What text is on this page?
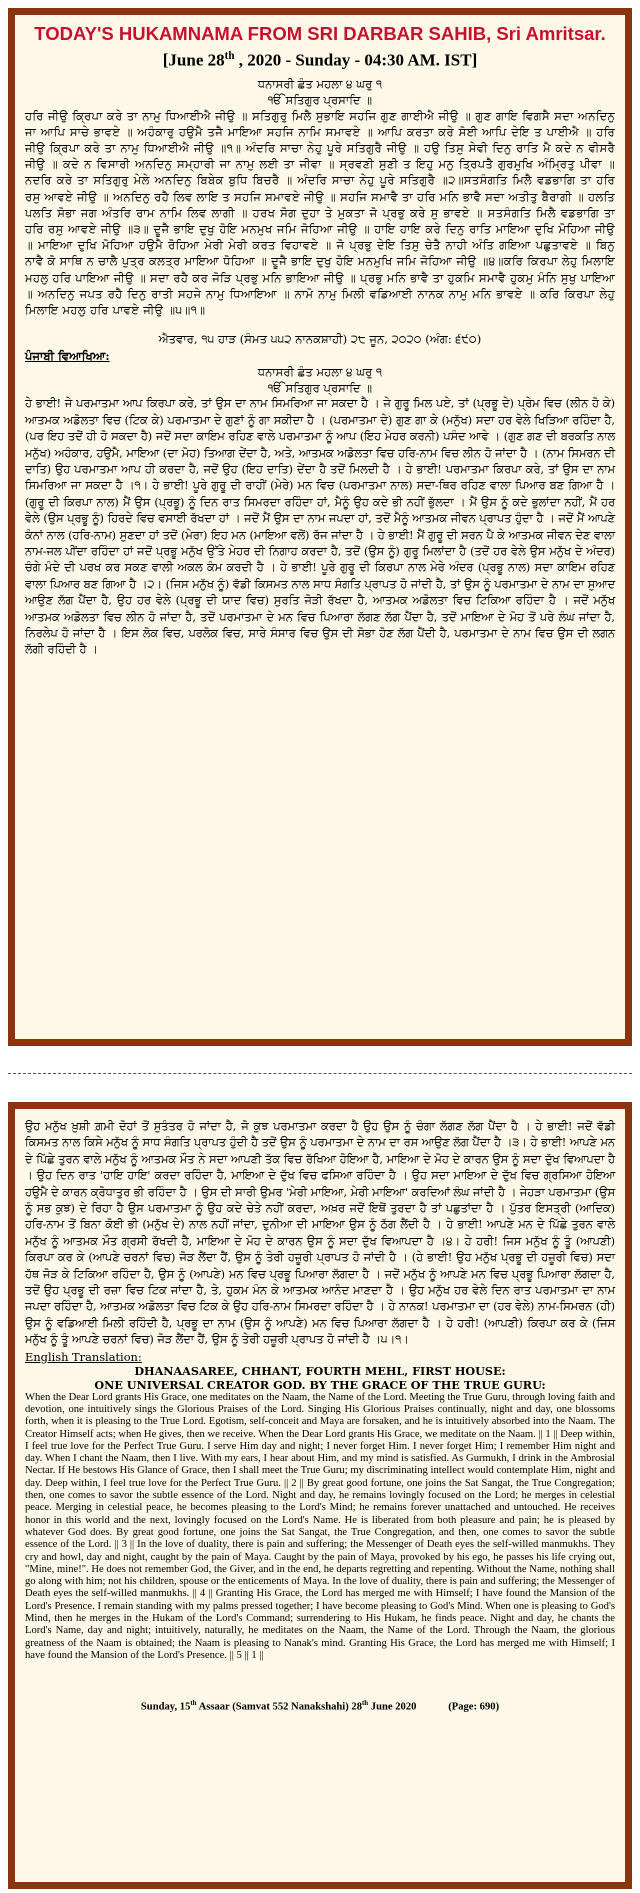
TODAY'S HUKAMNAMA FROM SRI DARBAR SAHIB, Sri Amritsar.

[June 28th , 2020 - Sunday - 04:30 AM. IST]

ਧਨਾਸਰੀ ਛੰਤ ਮਹਲਾ ੪ ਘਰੁ ੧
ੴ ਸਤਿਗੁਰ ਪ੍ਰਸਾਦਿ ॥
ਹਰਿ ਜੀਉ ਕ੍ਰਿਪਾ ਕਰੇ ਤਾ ਨਾਮੁ ਧਿਆਈਐ ਜੀਉ ॥ ਸਤਿਗੁਰੁ ਮਿਲੈ ਸੁਭਾਇ ਸਹਜਿ ਗੁਣ ਗਾਈਐ ਜੀਉ ॥ ਗੁਣ ਗਾਇ ਵਿਗਸੈ ਸਦਾ ਅਨਦਿਨੁ ਜਾ ਆਪਿ ਸਾਚੇ ਭਾਵਏ ॥ ਅਹੰਕਾਰੁ ਹਉਮੈ ਤਜੈ ਮਾਇਆ ਸਹਜਿ ਨਾਮਿ ਸਮਾਵਏ ॥ ਆਪਿ ਕਰਤਾ ਕਰੇ ਸੋਈ ਆਪਿ ਦੇਇ ਤ ਪਾਈਐ ॥ ਹਰਿ ਜੀਉ ਕ੍ਰਿਪਾ ਕਰੇ ਤਾ ਨਾਮੁ ਧਿਆਈਐ ਜੀਉ ॥੧॥ ਅੰਦਰਿ ਸਾਚਾ ਨੇਹੁ ਪੂਰੇ ਸਤਿਗੁਰੈ ਜੀਉ ॥ ਹਉ ਤਿਸੁ ਸੇਵੀ ਦਿਨੁ ਰਾਤਿ ਮੈ ਕਦੇ ਨ ਵੀਸਰੈ ਜੀਉ ॥ ਕਦੇ ਨ ਵਿਸਾਰੀ ਅਨਦਿਨੁ ਸਮ੍ਹਾਰੀ ਜਾ ਨਾਮੁ ਲਈ ਤਾ ਜੀਵਾ ॥ ਸ੍ਰਵਣੀ ਸੁਣੀ ਤ ਇਹੁ ਮਨੁ ਤ੍ਰਿਪਤੈ ਗੁਰਮੁਖਿ ਅੰਮ੍ਰਿਤੁ ਪੀਵਾ ॥ ਨਦਰਿ ਕਰੇ ਤਾ ਸਤਿਗੁਰੁ ਮੇਲੇ ਅਨਦਿਨੁ ਬਿਬੇਕ ਬੁਧਿ ਬਿਚਰੈ ॥ ਅੰਦਰਿ ਸਾਚਾ ਨੇਹੁ ਪੂਰੇ ਸਤਿਗੁਰੈ ॥੨॥ਸਤਸੰਗਤਿ ਮਿਲੈ ਵਡਭਾਗਿ ਤਾ ਹਰਿ ਰਸੁ ਆਵਏ ਜੀਉ ॥ ਅਨਦਿਨੁ ਰਹੈ ਲਿਵ ਲਾਇ ਤ ਸਹਜਿ ਸਮਾਵਏ ਜੀਉ ॥ ਸਹਜਿ ਸਮਾਵੈ ਤਾ ਹਰਿ ਮਨਿ ਭਾਵੈ ਸਦਾ ਅਤੀਤੁ ਬੈਰਾਗੀ ॥ ਹਲਤਿ ਪਲਤਿ ਸੋਭਾ ਜਗ ਅੰਤਰਿ ਰਾਮ ਨਾਮਿ ਲਿਵ ਲਾਗੀ ॥ ਹਰਖ ਸੋਗ ਦੁਹਾ ਤੇ ਮੁਕਤਾ ਜੋ ਪ੍ਰਭੁ ਕਰੇ ਸੁ ਭਾਵਏ ॥ ਸਤਸੰਗਤਿ ਮਿਲੈ ਵਡਭਾਗਿ ਤਾ ਹਰਿ ਰਸੁ ਆਵਏ ਜੀਉ ॥੩॥ ਦੂਜੈ ਭਾਇ ਦੁਖੁ ਹੋਇ ਮਨਮੁਖ ਜਮਿ ਜੋਹਿਆ ਜੀਉ ॥ ਹਾਇ ਹਾਇ ਕਰੇ ਦਿਨੁ ਰਾਤਿ ਮਾਇਆ ਦੁਖਿ ਮੋਹਿਆ ਜੀਉ ॥ ਮਾਇਆ ਦੁਖਿ ਮੋਹਿਆ ਹਉਮੈ ਰੋਹਿਆ ਮੇਰੀ ਮੇਰੀ ਕਰਤ ਵਿਹਾਵਏ ॥ ਜੋ ਪ੍ਰਭੁ ਦੇਇ ਤਿਸੁ ਚੇਤੈ ਨਾਹੀ ਅੰਤਿ ਗਇਆ ਪਛੁਤਾਵਏ ॥ ਬਿਨੁ ਨਾਵੈ ਕੋ ਸਾਥਿ ਨ ਚਾਲੈ ਪੁਤ੍ਰ ਕਲਤ੍ਰ ਮਾਇਆ ਧੋਹਿਆ ॥ ਦੂਜੈ ਭਾਇ ਦੁਖੁ ਹੋਇ ਮਨਮੁਖਿ ਜਮਿ ਜੋਹਿਆ ਜੀਉ ॥੪॥ਕਰਿ ਕਿਰਪਾ ਲੇਹੁ ਮਿਲਾਇ ਮਹਲੁ ਹਰਿ ਪਾਇਆ ਜੀਉ ॥ ਸਦਾ ਰਹੈ ਕਰ ਜੋੜਿ ਪ੍ਰਭੁ ਮਨਿ ਭਾਇਆ ਜੀਉ ॥ ਪ੍ਰਭੁ ਮਨਿ ਭਾਵੈ ਤਾ ਹੁਕਮਿ ਸਮਾਵੈ ਹੁਕਮੁ ਮੰਨਿ ਸੁਖੁ ਪਾਇਆ ॥ ਅਨਦਿਨੁ ਜਪਤ ਰਹੈ ਦਿਨੁ ਰਾਤੀ ਸਹਜੇ ਨਾਮੁ ਧਿਆਇਆ ॥ ਨਾਮੋ ਨਾਮੁ ਮਿਲੀ ਵਡਿਆਈ ਨਾਨਕ ਨਾਮੁ ਮਨਿ ਭਾਵਏ ॥ ਕਰਿ ਕਿਰਪਾ ਲੇਹੁ ਮਿਲਾਇ ਮਹਲੁ ਹਰਿ ਪਾਵਏ ਜੀਉ ॥੫॥੧॥
ਐਤਵਾਰ, ੧੫ ਹਾੜ (ਸੰਮਤ ੫੫੨ ਨਾਨਕਸ਼ਾਹੀ) ੨੮ ਜੂਨ, ੨੦੨੦ (ਅੰਗ: ੬੯੦)
ਪੰਜਾਬੀ ਵਿਆਖਿਆ:
ਧਨਾਸਰੀ ਛੰਤ ਮਹਲਾ ੪ ਘਰੁ ੧
ੴ ਸਤਿਗੁਰ ਪ੍ਰਸਾਦਿ ॥
ਹੇ ਭਾਈ! ਜੇ ਪਰਮਾਤਮਾ ਆਪ ਕਿਰਪਾ ਕਰੇ, ਤਾਂ ਉਸ ਦਾ ਨਾਮ ਸਿਮਰਿਆ ਜਾ ਸਕਦਾ ਹੈ । ਜੇ ਗੁਰੂ ਮਿਲ ਪਏ, ਤਾਂ (ਪ੍ਰਭੂ ਦੇ) ਪ੍ਰੇਮ ਵਿਚ (ਲੀਨ ਹੋ ਕੇ) ਆਤਮਕ ਅਡੋਲਤਾ ਵਿਚ (ਟਿਕ ਕੇ) ਪਰਮਾਤਮਾ ਦੇ ਗੁਣਾਂ ਨੂੰ ਗਾ ਸਕੀਦਾ ਹੈ । (ਪਰਮਾਤਮਾ ਦੇ) ਗੁਣ ਗਾ ਕੇ (ਮਨੁੱਖ) ਸਦਾ ਹਰ ਵੇਲੇ ਖਿੜਿਆ ਰਹਿੰਦਾ ਹੈ, (ਪਰ ਇਹ ਤਦੋਂ ਹੀ ਹੋ ਸਕਦਾ ਹੈ) ਜਦੋਂ ਸਦਾ ਕਾਇਮ ਰਹਿਣ ਵਾਲੇ ਪਰਮਾਤਮਾ ਨੂੰ ਆਪ (ਇਹ ਮੇਹਰ ਕਰਨੀ) ਪਸੰਦ ਆਵੇ । (ਗੁਣ ਗਣ ਦੀ ਬਰਕਤਿ ਨਾਲ ਮਨੁੱਖ) ਅਹੰਕਾਰ, ਹਉਮੈ, ਮਾਇਆ (ਦਾ ਮੋਹ) ਤਿਆਗ ਦੇਂਦਾ ਹੈ, ਅਤੇ, ਆਤਮਕ ਅਡੋਲਤਾ ਵਿਚ ਹਰਿ-ਨਾਮ ਵਿਚ ਲੀਨ ਹੋ ਜਾਂਦਾ ਹੈ । (ਨਾਮ ਸਿਮਰਨ ਦੀ ਦਾਤਿ) ਉਹ ਪਰਮਾਤਮਾ ਆਪ ਹੀ ਕਰਦਾ ਹੈ, ਜਦੋਂ ਉਹ (ਇਹ ਦਾਤਿ) ਦੇਂਦਾ ਹੈ ਤਦੋਂ ਮਿਲਦੀ ਹੈ । ਹੇ ਭਾਈ! ਪਰਮਾਤਮਾ ਕਿਰਪਾ ਕਰੇ, ਤਾਂ ਉਸ ਦਾ ਨਾਮ ਸਿਮਰਿਆ ਜਾ ਸਕਦਾ ਹੈ ।੧। ਹੇ ਭਾਈ! ਪੂਰੇ ਗੁਰੂ ਦੀ ਰਾਹੀਂ (ਮੇਰੇ) ਮਨ ਵਿਚ (ਪਰਮਾਤਮਾ ਨਾਲ) ਸਦਾ-ਥਿਰ ਰਹਿਣ ਵਾਲਾ ਪਿਆਰ ਬਣ ਗਿਆ ਹੈ । (ਗੁਰੂ ਦੀ ਕਿਰਪਾ ਨਾਲ) ਮੈਂ ਉਸ (ਪ੍ਰਭੂ) ਨੂੰ ਦਿਨ ਰਾਤ ਸਿਮਰਦਾ ਰਹਿੰਦਾ ਹਾਂ, ਮੈਨੂੰ ਉਹ ਕਦੇ ਭੀ ਨਹੀਂ ਭੁੱਲਦਾ । ਮੈਂ ਉਸ ਨੂੰ ਕਦੇ ਭੁਲਾਂਦਾ ਨਹੀਂ, ਮੈਂ ਹਰ ਵੇਲੇ (ਉਸ ਪ੍ਰਭੂ ਨੂੰ) ਹਿਰਦੇ ਵਿਚ ਵਸਾਈ ਰੱਖਦਾ ਹਾਂ । ਜਦੋਂ ਮੈਂ ਉਸ ਦਾ ਨਾਮ ਜਪਦਾ ਹਾਂ, ਤਦੋਂ ਮੈਨੂੰ ਆਤਮਕ ਜੀਵਨ ਪ੍ਰਾਪਤ ਹੁੰਦਾ ਹੈ । ਜਦੋਂ ਮੈਂ ਆਪਣੇ ਕੰਨਾਂ ਨਾਲ (ਹਰਿ-ਨਾਮ) ਸੁਣਦਾ ਹਾਂ ਤਦੋਂ (ਮੇਰਾ) ਇਹ ਮਨ (ਮਾਇਆ ਵਲੋਂ) ਰੱਜ ਜਾਂਦਾ ਹੈ । ਹੇ ਭਾਈ! ਮੈਂ ਗੁਰੂ ਦੀ ਸਰਨ ਪੈ ਕੇ ਆਤਮਕ ਜੀਵਨ ਦੇਣ ਵਾਲਾ ਨਾਮ-ਜਲ ਪੀਂਦਾ ਰਹਿੰਦਾ ਹਾਂ ਜਦੋਂ ਪ੍ਰਭੂ ਮਨੁੱਖ ਉੱਤੇ ਮੇਹਰ ਦੀ ਨਿਗਾਹ ਕਰਦਾ ਹੈ, ਤਦੋਂ (ਉਸ ਨੂੰ) ਗੁਰੂ ਮਿਲਾਂਦਾ ਹੈ (ਤਦੋਂ ਹਰ ਵੇਲੇ ਉਸ ਮਨੁੱਖ ਦੇ ਅੰਦਰ) ਚੰਗੇ ਮੰਦੇ ਦੀ ਪਰਖ ਕਰ ਸਕਣ ਵਾਲੀ ਅਕਲ ਕੰਮ ਕਰਦੀ ਹੈ । ਹੇ ਭਾਈ! ਪੂਰੇ ਗੁਰੂ ਦੀ ਕਿਰਪਾ ਨਾਲ ਮੇਰੇ ਅੰਦਰ (ਪ੍ਰਭੂ ਨਾਲ) ਸਦਾ ਕਾਇਮ ਰਹਿਣ ਵਾਲਾ ਪਿਆਰ ਬਣ ਗਿਆ ਹੈ ।੨। (ਜਿਸ ਮਨੁੱਖ ਨੂੰ) ਵੱਡੀ ਕਿਸਮਤ ਨਾਲ ਸਾਧ ਸੰਗਤਿ ਪ੍ਰਾਪਤ ਹੋ ਜਾਂਦੀ ਹੈ, ਤਾਂ ਉਸ ਨੂੰ ਪਰਮਾਤਮਾ ਦੇ ਨਾਮ ਦਾ ਸੁਆਦ ਆਉਣ ਲੱਗ ਪੈਂਦਾ ਹੈ, ਉਹ ਹਰ ਵੇਲੇ (ਪ੍ਰਭੂ ਦੀ ਯਾਦ ਵਿਚ) ਸੁਰਤਿ ਜੋੜੀ ਰੱਖਦਾ ਹੈ, ਆਤਮਕ ਅਡੋਲਤਾ ਵਿਚ ਟਿਕਿਆ ਰਹਿੰਦਾ ਹੈ । ਜਦੋਂ ਮਨੁੱਖ ਆਤਮਕ ਅਡੋਲਤਾ ਵਿਚ ਲੀਨ ਹੋ ਜਾਂਦਾ ਹੈ, ਤਦੋਂ ਪਰਮਾਤਮਾ ਦੇ ਮਨ ਵਿਚ ਪਿਆਰਾ ਲੱਗਣ ਲੱਗ ਪੈਂਦਾ ਹੈ, ਤਦੋਂ ਮਾਇਆ ਦੇ ਮੋਹ ਤੋਂ ਪਰੇ ਲੰਘ ਜਾਂਦਾ ਹੈ, ਨਿਰਲੇਪ ਹੋ ਜਾਂਦਾ ਹੈ । ਇਸ ਲੋਕ ਵਿਚ, ਪਰਲੋਕ ਵਿਚ, ਸਾਰੇ ਸੰਸਾਰ ਵਿਚ ਉਸ ਦੀ ਸੋਭਾ ਹੋਣ ਲੱਗ ਪੈਂਦੀ ਹੈ, ਪਰਮਾਤਮਾ ਦੇ ਨਾਮ ਵਿਚ ਉਸ ਦੀ ਲਗਨ ਲੱਗੀ ਰਹਿੰਦੀ ਹੈ ।
ਉਹ ਮਨੁੱਖ ਖ਼ੁਸ਼ੀ ਗ਼ਮੀ ਦੋਹਾਂ ਤੋਂ ਸੁਤੰਤਰ ਹੋ ਜਾਂਦਾ ਹੈ, ਜੋ ਕੁਝ ਪਰਮਾਤਮਾ ਕਰਦਾ ਹੈ ਉਹ ਉਸ ਨੂੰ ਚੰਗਾ ਲੱਗਣ ਲੱਗ ਪੈਂਦਾ ਹੈ । ਹੇ ਭਾਈ! ਜਦੋਂ ਵੱਡੀ ਕਿਸਮਤ ਨਾਲ ਕਿਸੇ ਮਨੁੱਖ ਨੂੰ ਸਾਧ ਸੰਗਤਿ ਪ੍ਰਾਪਤ ਹੁੰਦੀ ਹੈ ਤਦੋਂ ਉਸ ਨੂੰ ਪਰਮਾਤਮਾ ਦੇ ਨਾਮ ਦਾ ਰਸ ਆਉਣ ਲੱਗ ਪੈਂਦਾ ਹੈ ।੩। ਹੇ ਭਾਈ! ਆਪਣੇ ਮਨ ਦੇ ਪਿੱਛੇ ਤੁਰਨ ਵਾਲੇ ਮਨੁੱਖ ਨੂੰ ਆਤਮਕ ਮੌਤ ਨੇ ਸਦਾ ਆਪਣੀ ਤੱਕ ਵਿਚ ਰੱਖਿਆ ਹੋਇਆ ਹੈ, ਮਾਇਆ ਦੇ ਮੋਹ ਦੇ ਕਾਰਨ ਉਸ ਨੂੰ ਸਦਾ ਦੁੱਖ ਵਿਆਪਦਾ ਹੈ । ਉਹ ਦਿਨ ਰਾਤ 'ਹਾਇ ਹਾਇ' ਕਰਦਾ ਰਹਿੰਦਾ ਹੈ, ਮਾਇਆ ਦੇ ਦੁੱਖ ਵਿਚ ਫਸਿਆ ਰਹਿੰਦਾ ਹੈ । ਉਹ ਸਦਾ ਮਾਇਆ ਦੇ ਦੁੱਖ ਵਿਚ ਗ੍ਰਸਿਆ ਹੋਇਆ ਹਉਮੈ ਦੇ ਕਾਰਨ ਕ੍ਰੋਧਾਤੁਰ ਭੀ ਰਹਿੰਦਾ ਹੈ । ਉਸ ਦੀ ਸਾਰੀ ਉਮਰ 'ਮੇਰੀ ਮਾਇਆ, ਮੇਰੀ ਮਾਇਆ' ਕਰਦਿਆਂ ਲੰਘ ਜਾਂਦੀ ਹੈ । ਜੇਹੜਾ ਪਰਮਾਤਮਾ (ਉਸ ਨੂੰ ਸਭ ਕੁਝ) ਦੇ ਰਿਹਾ ਹੈ ਉਸ ਪਰਮਾਤਮਾ ਨੂੰ ਉਹ ਕਦੇ ਚੇਤੇ ਨਹੀਂ ਕਰਦਾ, ਅਖ਼ਰ ਜਦੋਂ ਇਥੋਂ ਤੁਰਦਾ ਹੈ ਤਾਂ ਪਛੁਤਾਂਦਾ ਹੈ । ਪੁੱਤਰ ਇਸਤ੍ਰੀ (ਆਦਿਕ) ਹਰਿ-ਨਾਮ ਤੋਂ ਬਿਨਾ ਕੋਈ ਭੀ (ਮਨੁੱਖ ਦੇ) ਨਾਲ ਨਹੀਂ ਜਾਂਦਾ, ਦੁਨੀਆ ਦੀ ਮਾਇਆ ਉਸ ਨੂੰ ਠੱਗ ਲੈਂਦੀ ਹੈ । ਹੇ ਭਾਈ! ਆਪਣੇ ਮਨ ਦੇ ਪਿੱਛੇ ਤੁਰਨ ਵਾਲੇ ਮਨੁੱਖ ਨੂੰ ਆਤਮਕ ਮੌਤ ਗ੍ਰਸੀ ਰੱਖਦੀ ਹੈ, ਮਾਇਆ ਦੇ ਮੋਹ ਦੇ ਕਾਰਨ ਉਸ ਨੂੰ ਸਦਾ ਦੁੱਖ ਵਿਆਪਦਾ ਹੈ ।੪। ਹੇ ਹਰੀ! ਜਿਸ ਮਨੁੱਖ ਨੂੰ ਤੂੰ (ਆਪਣੀ) ਕਿਰਪਾ ਕਰ ਕੇ (ਆਪਣੇ ਚਰਨਾਂ ਵਿਚ) ਜੋੜ ਲੈਂਦਾ ਹੈਂ, ਉਸ ਨੂੰ ਤੇਰੀ ਹਜ਼ੂਰੀ ਪ੍ਰਾਪਤ ਹੋ ਜਾਂਦੀ ਹੈ । (ਹੇ ਭਾਈ! ਉਹ ਮਨੁੱਖ ਪ੍ਰਭੂ ਦੀ ਹਜ਼ੂਰੀ ਵਿਚ) ਸਦਾ ਹੱਥ ਜੋੜ ਕੇ ਟਿਕਿਆ ਰਹਿੰਦਾ ਹੈ, ਉਸ ਨੂੰ (ਆਪਣੇ) ਮਨ ਵਿਚ ਪ੍ਰਭੂ ਪਿਆਰਾ ਲੱਗਦਾ ਹੈ । ਜਦੋਂ ਮਨੁੱਖ ਨੂੰ ਆਪਣੇ ਮਨ ਵਿਚ ਪ੍ਰਭੂ ਪਿਆਰਾ ਲੱਗਦਾ ਹੈ, ਤਦੋਂ ਉਹ ਪ੍ਰਭੂ ਦੀ ਰਜ਼ਾ ਵਿਚ ਟਿਕ ਜਾਂਦਾ ਹੈ, ਤੇ, ਹੁਕਮ ਮੰਨ ਕੇ ਆਤਮਕ ਆਨੰਦ ਮਾਣਦਾ ਹੈ । ਉਹ ਮਨੁੱਖ ਹਰ ਵੇਲੇ ਦਿਨ ਰਾਤ ਪਰਮਾਤਮਾ ਦਾ ਨਾਮ ਜਪਦਾ ਰਹਿੰਦਾ ਹੈ, ਆਤਮਕ ਅਡੋਲਤਾ ਵਿਚ ਟਿਕ ਕੇ ਉਹ ਹਰਿ-ਨਾਮ ਸਿਮਰਦਾ ਰਹਿੰਦਾ ਹੈ । ਹੇ ਨਾਨਕ! ਪਰਮਾਤਮਾ ਦਾ (ਹਰ ਵੇਲੇ) ਨਾਮ-ਸਿਮਰਨ (ਹੀ) ਉਸ ਨੂੰ ਵਡਿਆਈ ਮਿਲੀ ਰਹਿੰਦੀ ਹੈ, ਪ੍ਰਭੂ ਦਾ ਨਾਮ (ਉਸ ਨੂੰ ਆਪਣੇ) ਮਨ ਵਿਚ ਪਿਆਰਾ ਲੱਗਦਾ ਹੈ । ਹੇ ਹਰੀ! (ਆਪਣੀ) ਕਿਰਪਾ ਕਰ ਕੇ (ਜਿਸ ਮਨੁੱਖ ਨੂੰ ਤੂੰ ਆਪਣੇ ਚਰਨਾਂ ਵਿਚ) ਜੋੜ ਲੈਂਦਾ ਹੈਂ, ਉਸ ਨੂੰ ਤੇਰੀ ਹਜ਼ੂਰੀ ਪ੍ਰਾਪਤ ਹੋ ਜਾਂਦੀ ਹੈ ।੫।੧।
English Translation:
DHANAASAREE, CHHANT, FOURTH MEHL, FIRST HOUSE:
ONE UNIVERSAL CREATOR GOD. BY THE GRACE OF THE TRUE GURU:
When the Dear Lord grants His Grace, one meditates on the Naam, the Name of the Lord. Meeting the True Guru, through loving faith and devotion, one intuitively sings the Glorious Praises of the Lord. Singing His Glorious Praises continually, night and day, one blossoms forth, when it is pleasing to the True Lord. Egotism, self-conceit and Maya are forsaken, and he is intuitively absorbed into the Naam. The Creator Himself acts; when He gives, then we receive. When the Dear Lord grants His Grace, we meditate on the Naam. || 1 || Deep within, I feel true love for the Perfect True Guru. I serve Him day and night; I never forget Him. I never forget Him; I remember Him night and day. When I chant the Naam, then I live. With my ears, I hear about Him, and my mind is satisfied. As Gurmukh, I drink in the Ambrosial Nectar. If He bestows His Glance of Grace, then I shall meet the True Guru; my discriminating intellect would contemplate Him, night and day. Deep within, I feel true love for the Perfect True Guru. || 2 || By great good fortune, one joins the Sat Sangat, the True Congregation; then, one comes to savor the subtle essence of the Lord. Night and day, he remains lovingly focused on the Lord; he merges in celestial peace. Merging in celestial peace, he becomes pleasing to the Lord's Mind; he remains forever unattached and untouched. He receives honor in this world and the next, lovingly focused on the Lord's Name. He is liberated from both pleasure and pain; he is pleased by whatever God does. By great good fortune, one joins the Sat Sangat, the True Congregation, and then, one comes to savor the subtle essence of the Lord. || 3 || In the love of duality, there is pain and suffering; the Messenger of Death eyes the self-willed manmukhs. They cry and howl, day and night, caught by the pain of Maya. Caught by the pain of Maya, provoked by his ego, he passes his life crying out, "Mine, mine!". He does not remember God, the Giver, and in the end, he departs regretting and repenting. Without the Name, nothing shall go along with him; not his children, spouse or the enticements of Maya. In the love of duality, there is pain and suffering; the Messenger of Death eyes the self-willed manmukhs. || 4 || Granting His Grace, the Lord has merged me with Himself; I have found the Mansion of the Lord's Presence. I remain standing with my palms pressed together; I have become pleasing to God's Mind. When one is pleasing to God's Mind, then he merges in the Hukam of the Lord's Command; surrendering to His Hukam, he finds peace. Night and day, he chants the Lord's Name, day and night; intuitively, naturally, he meditates on the Naam, the Name of the Lord. Through the Naam, the glorious greatness of the Naam is obtained; the Naam is pleasing to Nanak's mind. Granting His Grace, the Lord has merged me with Himself; I have found the Mansion of the Lord's Presence. || 5 || 1 ||
Sunday, 15th Assaar (Samvat 552 Nanakshahi) 28th June 2020	(Page: 690)
